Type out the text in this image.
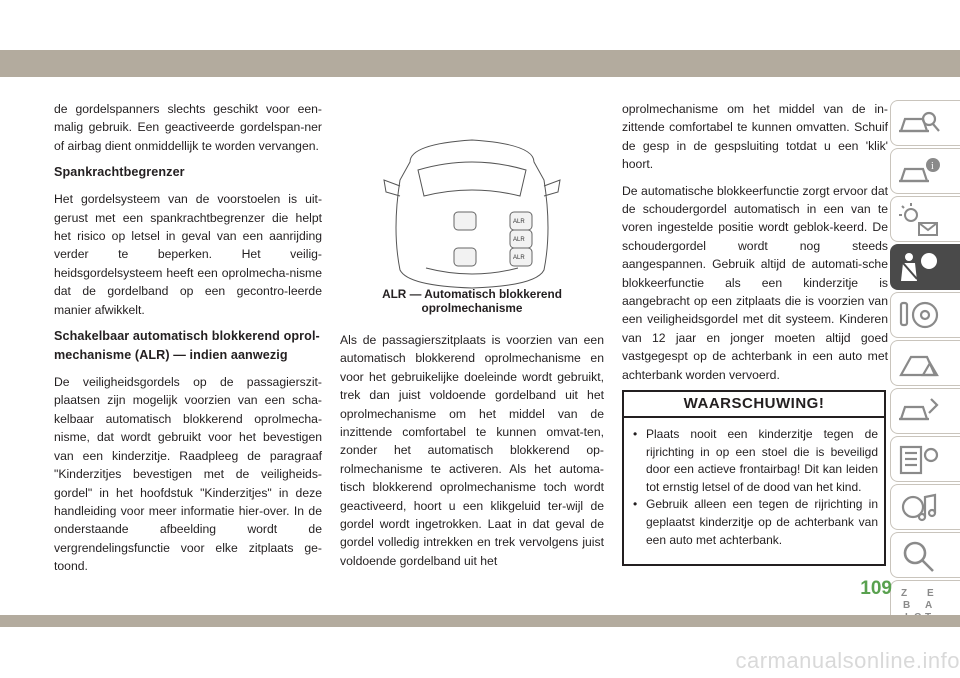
de gordelspanners slechts geschikt voor een-malig gebruik. Een geactiveerde gordelspan-ner of airbag dient onmiddellijk te worden vervangen.

Spankrachtbegrenzer

Het gordelsysteem van de voorstoelen is uit-gerust met een spankrachtbegrenzer die helpt het risico op letsel in geval van een aanrijding verder te beperken. Het veilig-heidsgordelsysteem heeft een oprolmecha-nisme dat de gordelband op een gecontro-leerde manier afwikkelt.

Schakelbaar automatisch blokkerend oprol-mechanisme (ALR) — indien aanwezig

De veiligheidsgordels op de passagierszit-plaatsen zijn mogelijk voorzien van een scha-kelbaar automatisch blokkerend oprolmecha-nisme, dat wordt gebruikt voor het bevestigen van een kinderzitje. Raadpleeg de paragraaf "Kinderzitjes bevestigen met de veiligheids-gordel" in het hoofdstuk "Kinderzitjes" in deze handleiding voor meer informatie hier-over. In de onderstaande afbeelding wordt de vergrendelingsfunctie voor elke zitplaats ge-toond.

ALR
ALR
ALR
ALR — Automatisch blokkerend oprolmechanisme

Als de passagierszitplaats is voorzien van een automatisch blokkerend oprolmechanisme en voor het gebruikelijke doeleinde wordt gebruikt, trek dan juist voldoende gordelband uit het oprolmechanisme om het middel van de inzittende comfortabel te kunnen omvat-ten, zonder het automatisch blokkerend op-rolmechanisme te activeren. Als het automa-tisch blokkerend oprolmechanisme toch wordt geactiveerd, hoort u een klikgeluid ter-wijl de gordel wordt ingetrokken. Laat in dat geval de gordel volledig intrekken en trek vervolgens juist voldoende gordelband uit het

oprolmechanisme om het middel van de in-zittende comfortabel te kunnen omvatten. Schuif de gesp in de gespsluiting totdat u een 'klik' hoort.

De automatische blokkeerfunctie zorgt ervoor dat de schoudergordel automatisch in een van te voren ingestelde positie wordt geblok-keerd. De schoudergordel wordt nog steeds aangespannen. Gebruik altijd de automati-sche blokkeerfunctie als een kinderzitje is aangebracht op een zitplaats die is voorzien van een veiligheidsgordel met dit systeem. Kinderen van 12 jaar en jonger moeten altijd goed vastgegespt op de achterbank in een auto met achterbank worden vervoerd.

WAARSCHUWING!
• Plaats nooit een kinderzitje tegen de rijrichting in op een stoel die is beveiligd door een actieve frontairbag! Dit kan leiden tot ernstig letsel of de dood van het kind.
• Gebruik alleen een tegen de rijrichting in geplaatst kinderzitje op de achterbank van een auto met achterbank.
i
Z E
B A
109
carmanualsonline.info
